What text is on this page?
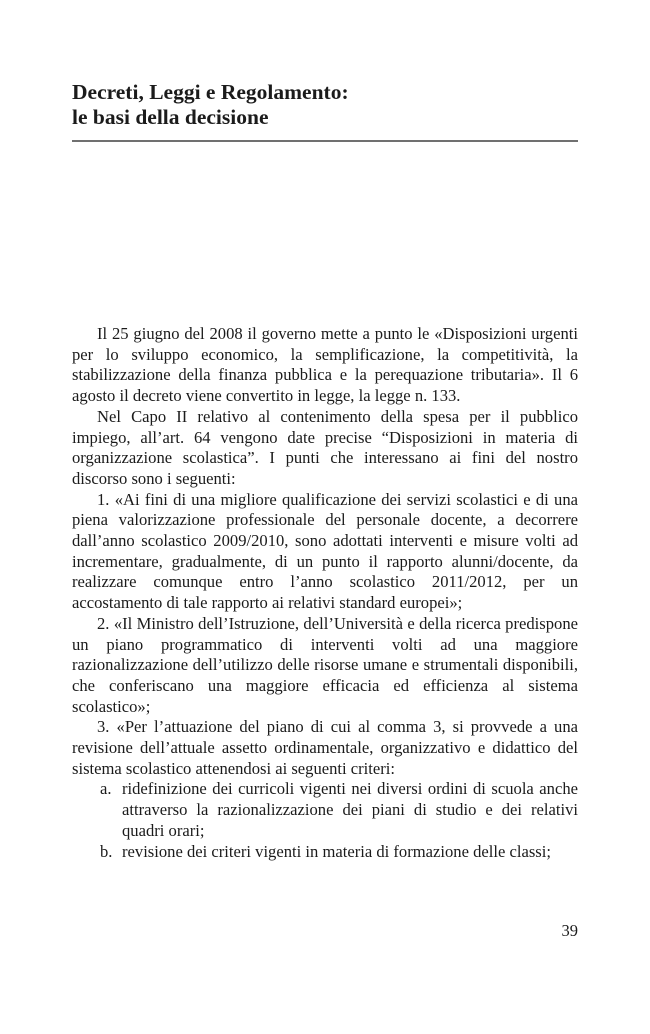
Decreti, Leggi e Regolamento:
le basi della decisione

Il 25 giugno del 2008 il governo mette a punto le «Disposizioni urgenti per lo sviluppo economico, la semplificazione, la competitività, la stabilizzazione della finanza pubblica e la perequazione tributaria». Il 6 agosto il decreto viene convertito in legge, la legge n. 133.

Nel Capo II relativo al contenimento della spesa per il pubblico impiego, all’art. 64 vengono date precise “Disposizioni in materia di organizzazione scolastica”. I punti che interessano ai fini del nostro discorso sono i seguenti:

1. «Ai fini di una migliore qualificazione dei servizi scolastici e di una piena valorizzazione professionale del personale docente, a decorrere dall’anno scolastico 2009/2010, sono adottati interventi e misure volti ad incrementare, gradualmente, di un punto il rapporto alunni/docente, da realizzare comunque entro l’anno scolastico 2011/2012, per un accostamento di tale rapporto ai relativi standard europei»;

2. «Il Ministro dell’Istruzione, dell’Università e della ricerca predispone un piano programmatico di interventi volti ad una maggiore razionalizzazione dell’utilizzo delle risorse umane e strumentali disponibili, che conferiscano una maggiore efficacia ed efficienza al sistema scolastico»;

3. «Per l’attuazione del piano di cui al comma 3, si provvede a una revisione dell’attuale assetto ordinamentale, organizzativo e didattico del sistema scolastico attenendosi ai seguenti criteri:

a. ridefinizione dei curricoli vigenti nei diversi ordini di scuola anche attraverso la razionalizzazione dei piani di studio e dei relativi quadri orari;
b. revisione dei criteri vigenti in materia di formazione delle classi;
39
